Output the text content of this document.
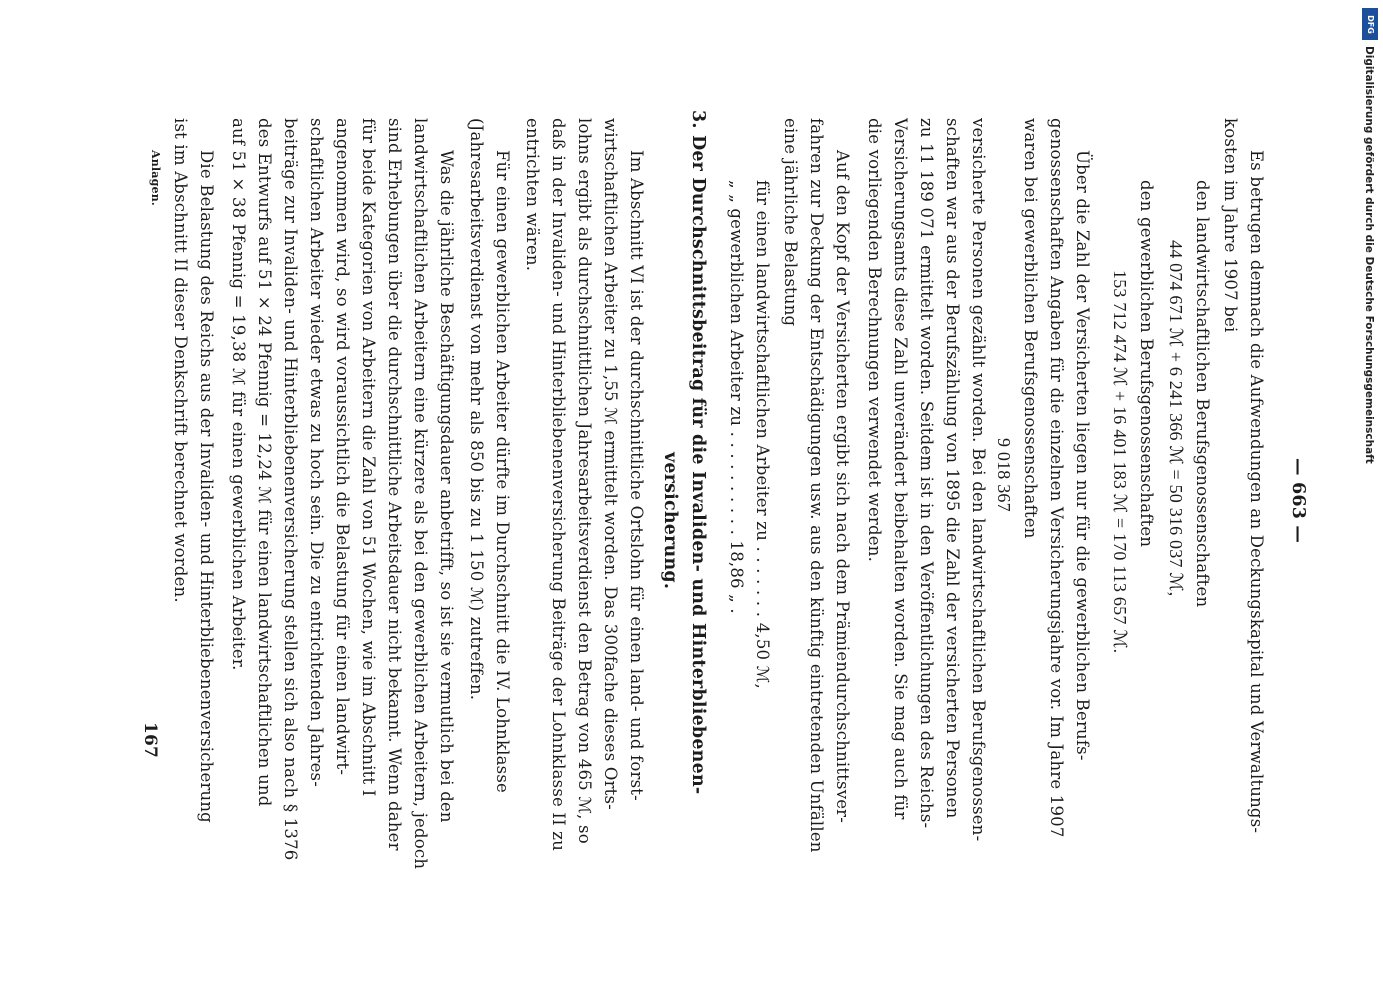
— 663 —
Es betrugen demnach die Aufwendungen an Deckungskapital und Verwaltungs-
kosten im Jahre 1907 bei
den landwirtschaftlichen Berufsgenossenschaften
44 074 671 ℳ + 6 241 366 ℳ = 50 316 037 ℳ,
den gewerblichen Berufsgenossenschaften
153 712 474 ℳ + 16 401 183 ℳ = 170 113 657 ℳ.
Über die Zahl der Versicherten liegen nur für die gewerblichen Berufs-
genossenschaften Angaben für die einzelnen Versicherungsjahre vor. Im Jahre 1907
waren bei gewerblichen Berufsgenossenschaften
9 018 367
versicherte Personen gezählt worden. Bei den landwirtschaftlichen Berufsgenossen-
schaften war aus der Berufszählung von 1895 die Zahl der versicherten Personen
zu 11 189 071 ermittelt worden. Seitdem ist in den Veröffentlichungen des Reichs-
Versicherungsamts diese Zahl unverändert beibehalten worden. Sie mag auch für
die vorliegenden Berechnungen verwendet werden.
Auf den Kopf der Versicherten ergibt sich nach dem Prämiendurchschnittsver-
fahren zur Deckung der Entschädigungen usw. aus den künftig eintretenden Unfällen
eine jährliche Belastung
für einen landwirtschaftlichen Arbeiter zu . . . . . . . 4,50 ℳ,
„ „ gewerblichen Arbeiter zu . . . . . . . . . . 18,86 „ .
3. Der Durchschnittsbeitrag für die Invaliden- und Hinterbliebenen-
versicherung.
Im Abschnitt VI ist der durchschnittliche Ortslohn für einen land- und forst-
wirtschaftlichen Arbeiter zu 1,55 ℳ ermittelt worden. Das 300fache dieses Orts-
lohns ergibt als durchschnittlichen Jahresarbeitsverdienst den Betrag von 465 ℳ, so
daß in der Invaliden- und Hinterbliebenenversicherung Beiträge der Lohnklasse II zu
entrichten wären.
Für einen gewerblichen Arbeiter dürfte im Durchschnitt die IV. Lohnklasse
(Jahresarbeitsverdienst von mehr als 850 bis zu 1 150 ℳ) zutreffen.
Was die jährliche Beschäftigungsdauer anbetrifft, so ist sie vermutlich bei den
landwirtschaftlichen Arbeitern eine kürzere als bei den gewerblichen Arbeitern, jedoch
sind Erhebungen über die durchschnittliche Arbeitsdauer nicht bekannt. Wenn daher
für beide Kategorien von Arbeitern die Zahl von 51 Wochen, wie im Abschnitt I
angenommen wird, so wird voraussichtlich die Belastung für einen landwirt-
schaftlichen Arbeiter wieder etwas zu hoch sein. Die zu entrichtenden Jahres-
beiträge zur Invaliden- und Hinterbliebenenversicherung stellen sich also nach § 1376
des Entwurfs auf 51 × 24 Pfennig = 12,24 ℳ für einen landwirtschaftlichen und
auf 51 × 38 Pfennig = 19,38 ℳ für einen gewerblichen Arbeiter.
Die Belastung des Reichs aus der Invaliden- und Hinterbliebenenversicherung
ist im Abschnitt II dieser Denkschrift berechnet worden.
Anlagen.
167
DFG
Digitalisierung gefördert durch die Deutsche Forschungsgemeinschaft
